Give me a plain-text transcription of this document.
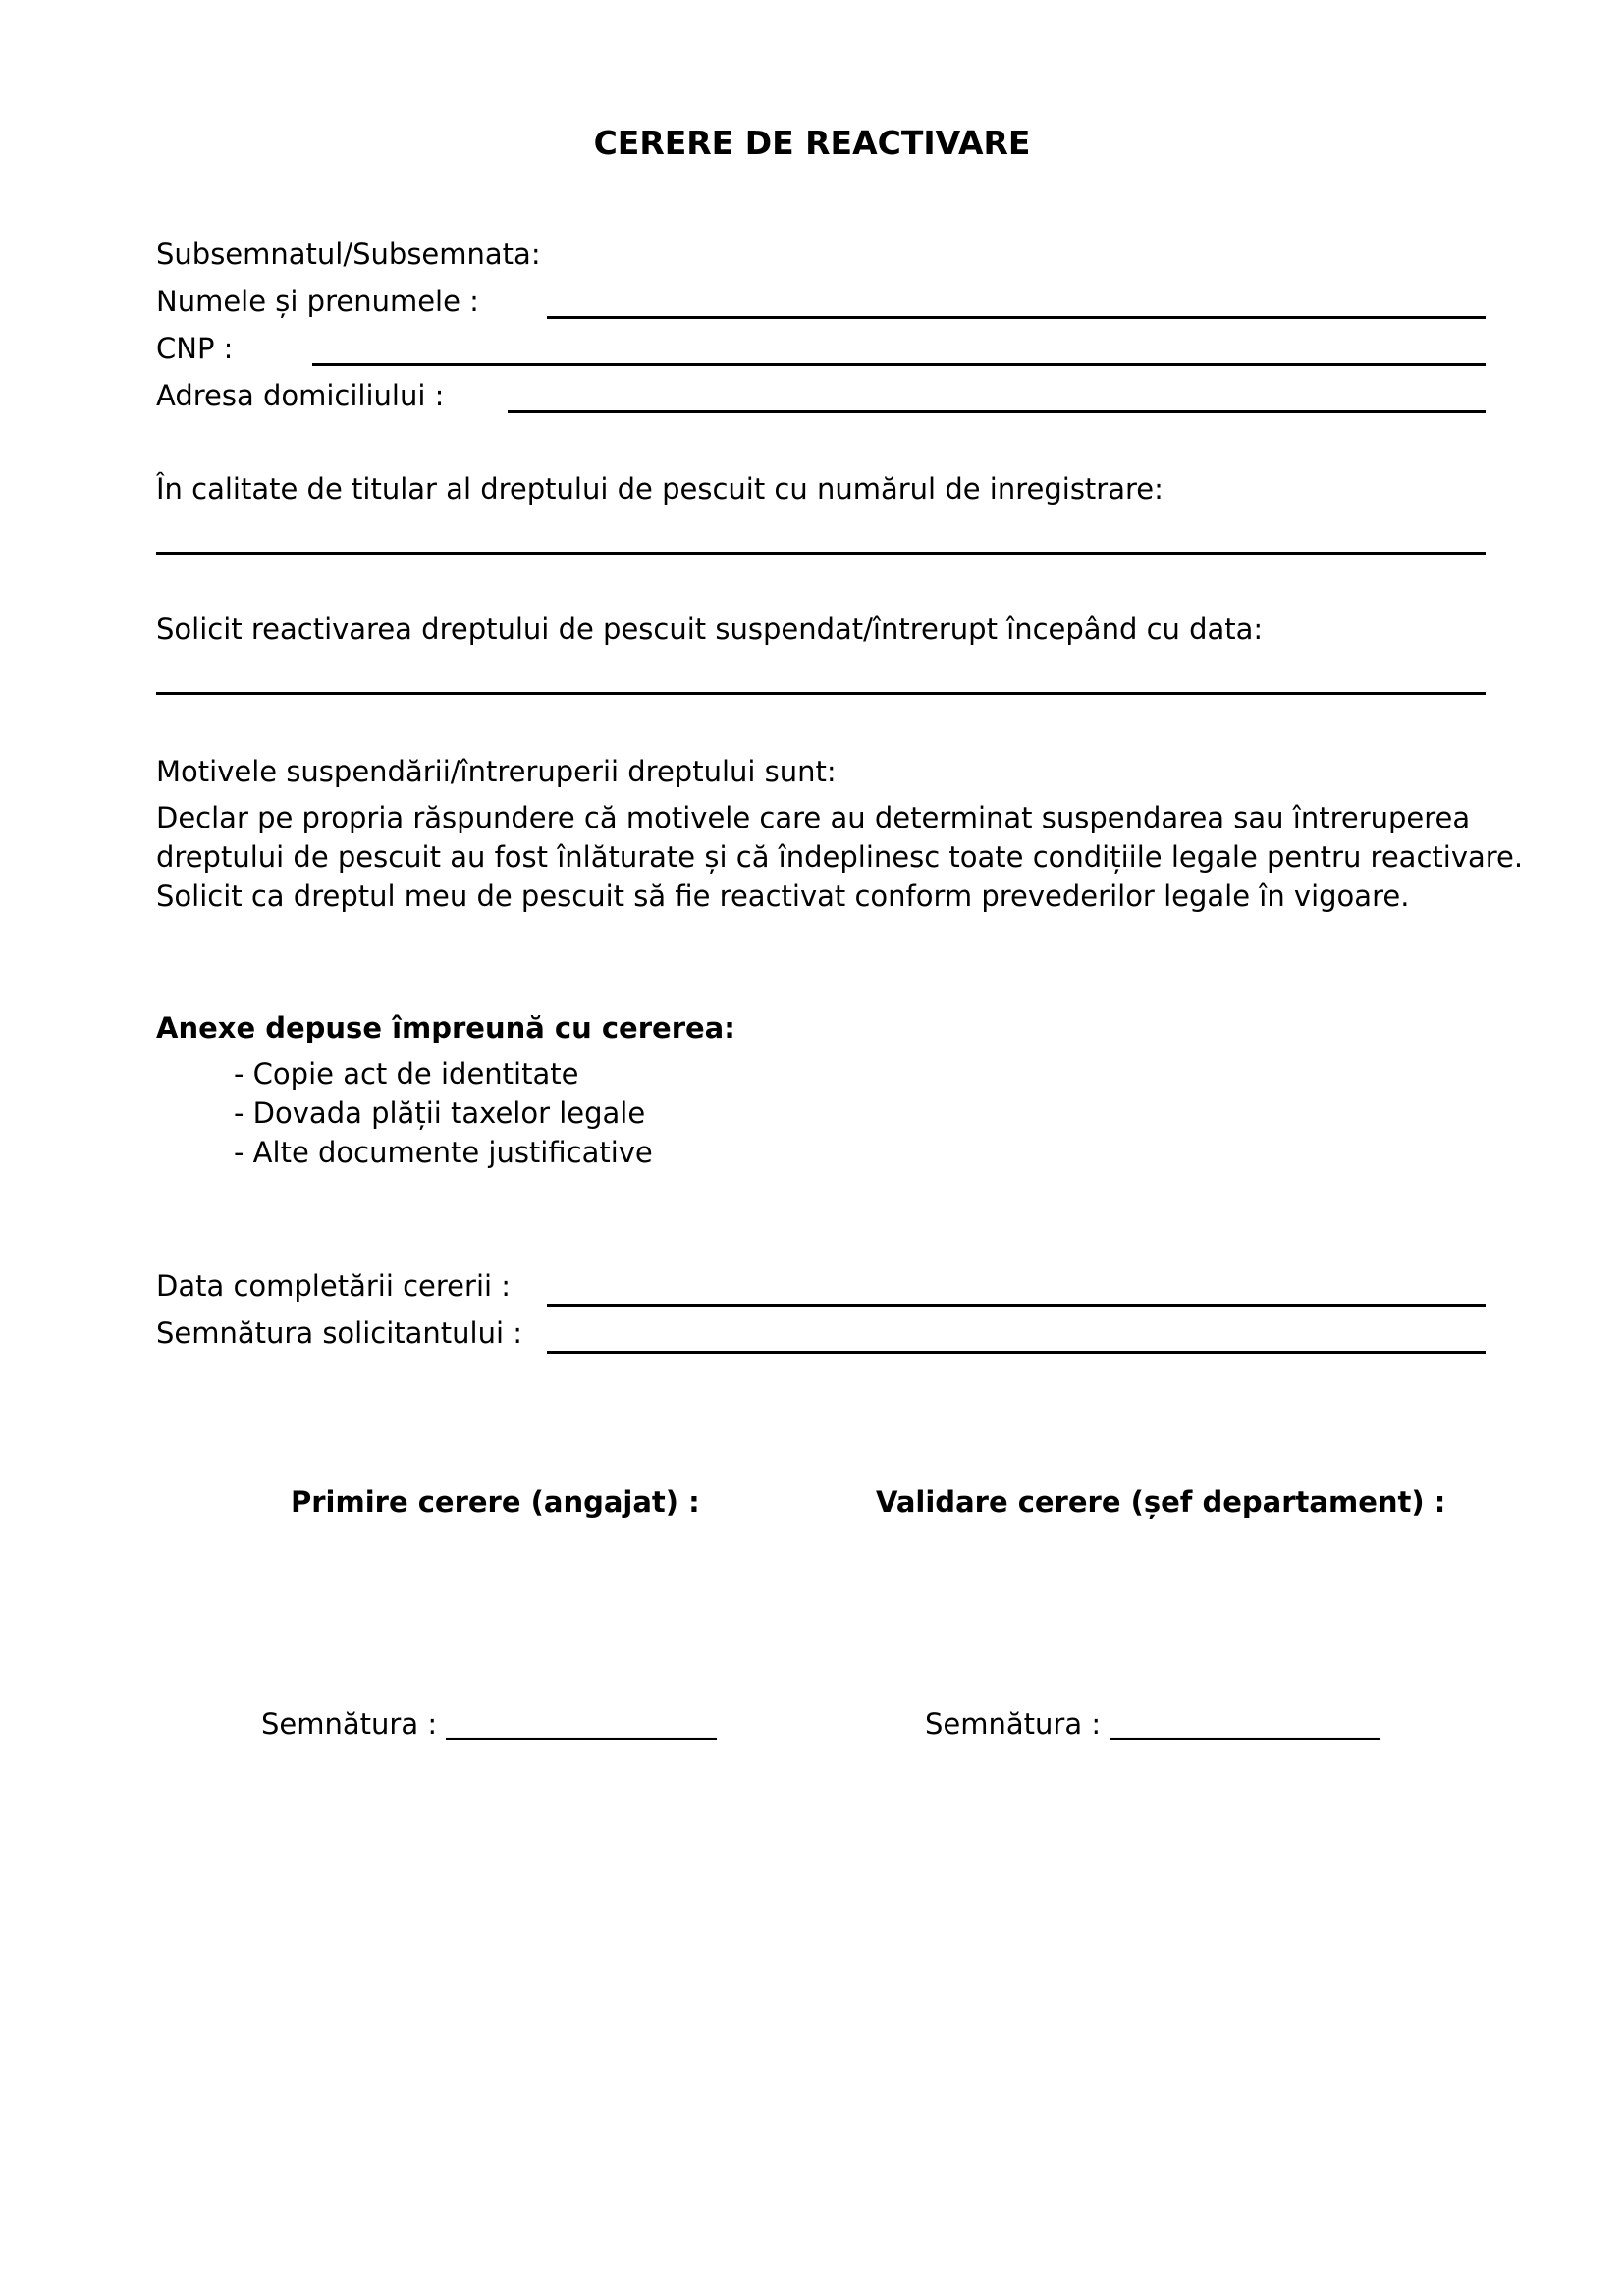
CERERE DE REACTIVARE
Subsemnatul/Subsemnata:
Numele și prenumele :
CNP :
Adresa domiciliului :
În calitate de titular al dreptului de pescuit cu numărul de inregistrare:
Solicit reactivarea dreptului de pescuit suspendat/întrerupt începând cu data:
Motivele suspendării/întreruperii dreptului sunt:
Declar pe propria răspundere că motivele care au determinat suspendarea sau întreruperea
dreptului de pescuit au fost înlăturate și că îndeplinesc toate condițiile legale pentru reactivare.
Solicit ca dreptul meu de pescuit să fie reactivat conform prevederilor legale în vigoare.
Anexe depuse împreună cu cererea:
- Copie act de identitate
- Dovada plății taxelor legale
- Alte documente justificative
Data completării cererii :
Semnătura solicitantului :
Primire cerere (angajat) :	Validare cerere (șef departament) :
Semnătura : ___________________	Semnătura : ___________________
